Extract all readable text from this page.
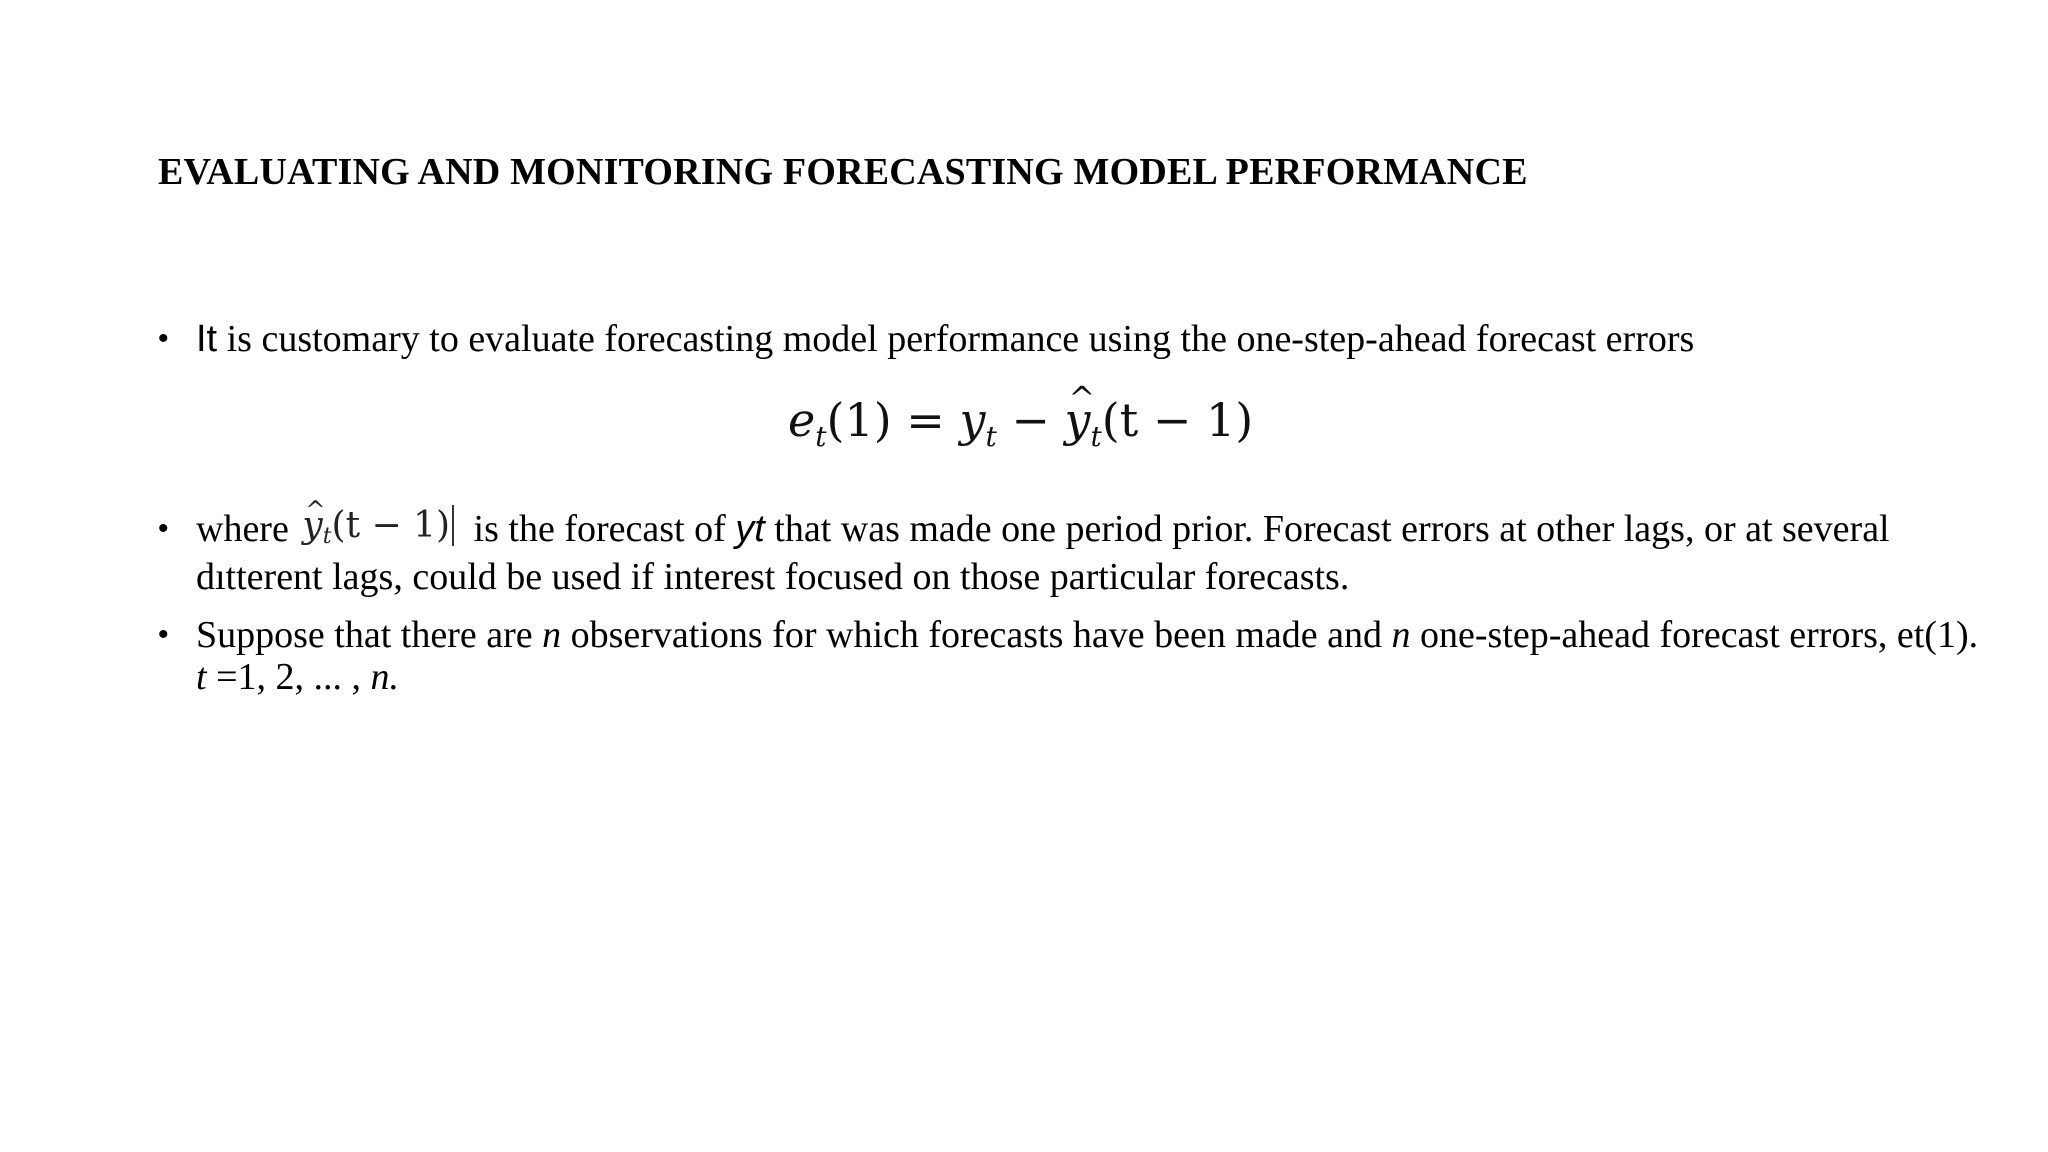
EVALUATING AND MONITORING FORECASTING MODEL PERFORMANCE
• It is customary to evaluate forecasting model performance using the one-step-ahead forecast errors
$e_t(1) = y_t$ − ^ $y_t(t - 1)$
• where ^ yt(t − 1) is the forecast of yt that was made one period prior. Forecast errors at other lags, or at several dıtterent lags, could be used if interest focused on those particular forecasts.
• Suppose that there are n observations for which forecasts have been made and n one-step-ahead forecast errors, et(1). t =1, 2, ... , n.
